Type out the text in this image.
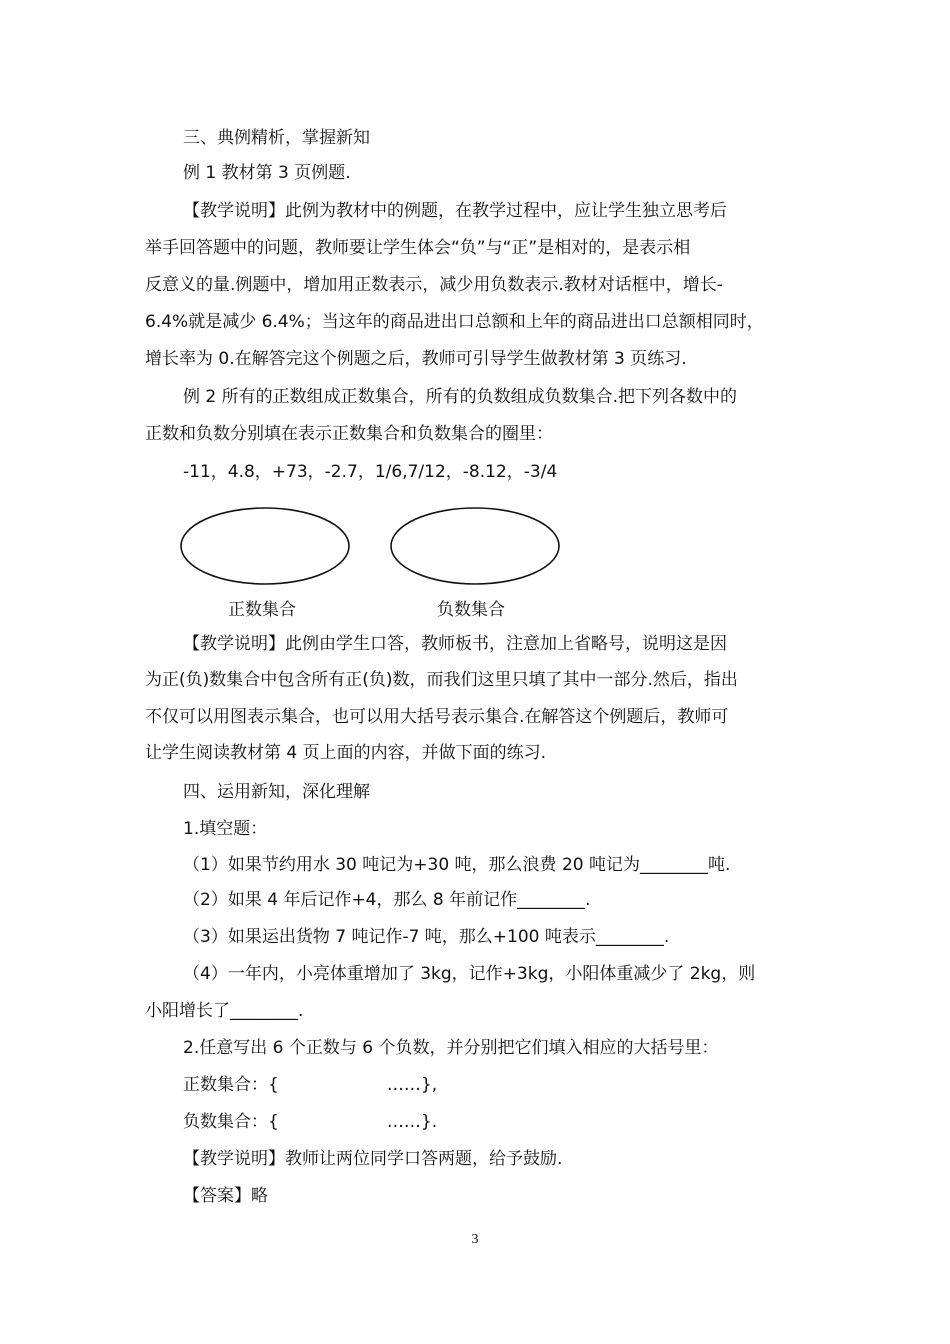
三、典例精析，掌握新知
例 1 教材第 3 页例题.
【教学说明】此例为教材中的例题，在教学过程中，应让学生独立思考后
举手回答题中的问题，教师要让学生体会“负”与“正”是相对的，是表示相
反意义的量.例题中，增加用正数表示，减少用负数表示.教材对话框中，增长-
6.4%就是减少 6.4%；当这年的商品进出口总额和上年的商品进出口总额相同时，
增长率为 0.在解答完这个例题之后，教师可引导学生做教材第 3 页练习.
例 2 所有的正数组成正数集合，所有的负数组成负数集合.把下列各数中的
正数和负数分别填在表示正数集合和负数集合的圈里：
-11，4.8，+73，-2.7，1/6,7/12，-8.12，-3/4
正数集合	负数集合
【教学说明】此例由学生口答，教师板书，注意加上省略号，说明这是因
为正(负)数集合中包含所有正(负)数，而我们这里只填了其中一部分.然后，指出
不仅可以用图表示集合，也可以用大括号表示集合.在解答这个例题后，教师可
让学生阅读教材第 4 页上面的内容，并做下面的练习.
四、运用新知，深化理解
1.填空题：
（1）如果节约用水 30 吨记为+30 吨，那么浪费 20 吨记为________吨.
（2）如果 4 年后记作+4，那么 8 年前记作________.
（3）如果运出货物 7 吨记作-7 吨，那么+100 吨表示________.
（4）一年内，小亮体重增加了 3kg，记作+3kg，小阳体重减少了 2kg，则
小阳增长了________.
2.任意写出 6 个正数与 6 个负数，并分别把它们填入相应的大括号里：
正数集合：{                    ……},
负数集合：{                    ……}.
【教学说明】教师让两位同学口答两题，给予鼓励.
【答案】略
3
